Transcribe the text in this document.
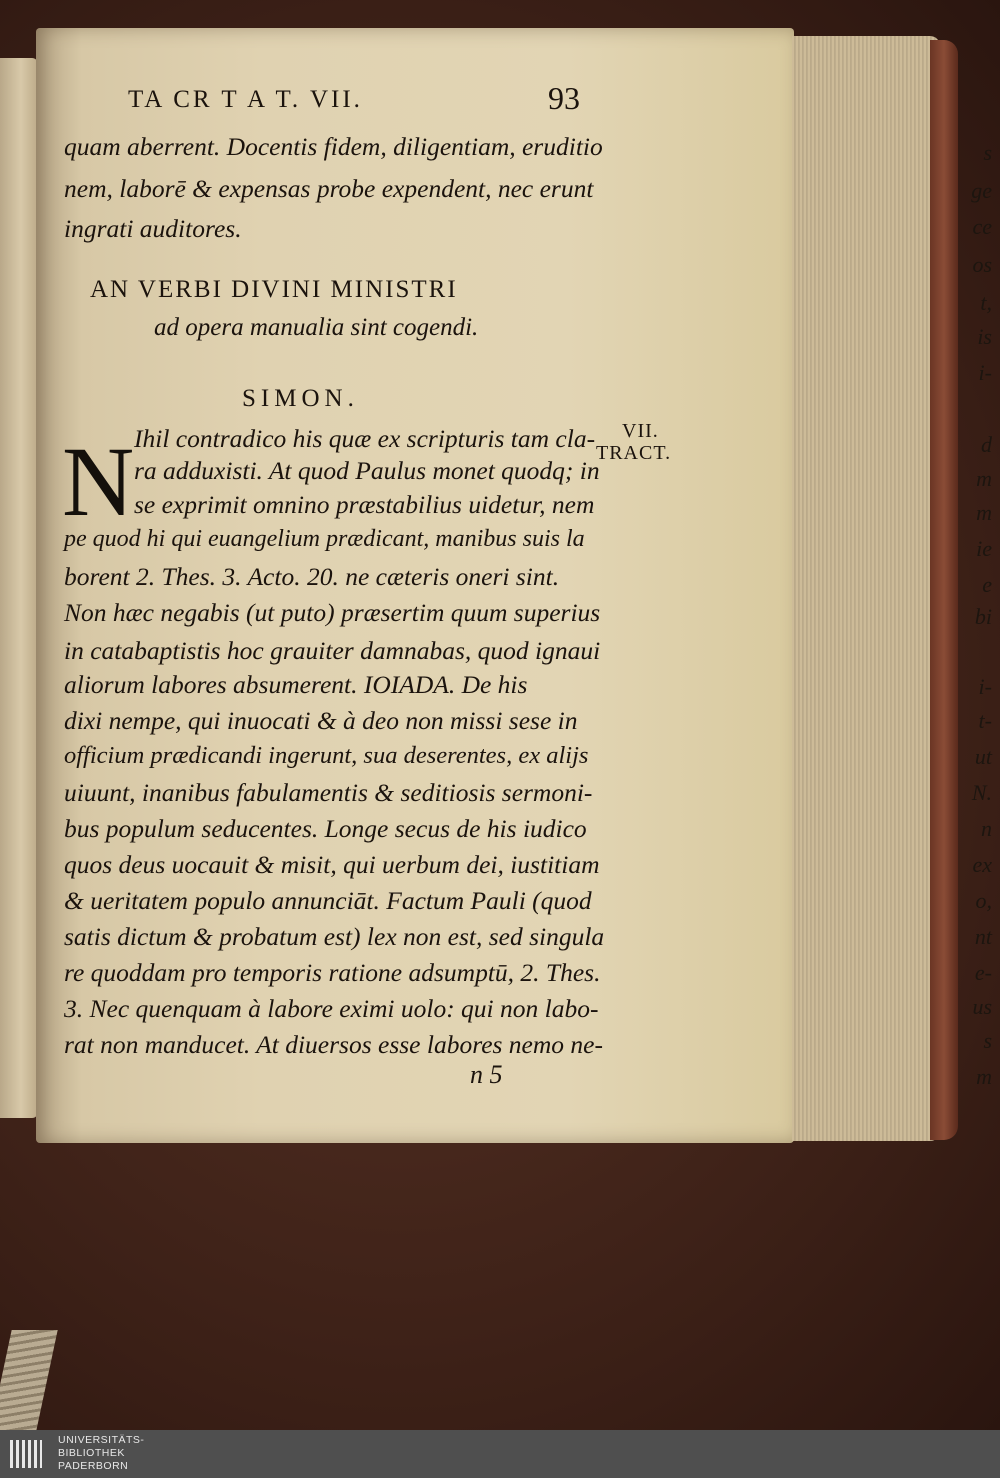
TA CR T A T. VII.	93
quam aberrent. Docentis fidem, diligentiam, eruditio
nem, laborē & expensas probe expendent, nec erunt
ingrati auditores.
AN VERBI DIVINI MINISTRI
ad opera manualia sint cogendi.
SIMON.
N Ihil contradico his quæ ex scripturis tam cla-
ra adduxisti. At quod Paulus monet quodq; in
se exprimit omnino præstabilius uidetur, nem
pe quod hi qui euangelium prædicant, manibus suis la
borent 2. Thes. 3. Acto. 20. ne cæteris oneri sint.
Non hæc negabis (ut puto) præsertim quum superius
in catabaptistis hoc grauiter damnabas, quod ignaui
aliorum labores absumerent. IOIADA. De his
dixi nempe, qui inuocati & à deo non missi sese in
officium prædicandi ingerunt, sua deserentes, ex alijs
uiuunt, inanibus fabulamentis & seditiosis sermoni-
bus populum seducentes. Longe secus de his iudico
quos deus uocauit & misit, qui uerbum dei, iustitiam
& ueritatem populo annunciāt. Factum Pauli (quod
satis dictum & probatum est) lex non est, sed singula
re quoddam pro temporis ratione adsumptū, 2. Thes.
3. Nec quenquam à labore eximi uolo: qui non labo-
rat non manducet. At diuersos esse labores nemo ne-
VII.
TRACT.
n 5
s
ge
ce
os
t,
is
i-
d
m
m
ie
e
bi
i-
t-
ut
N.
n
ex
o,
nt
e-
us
s
m
UNIVERSITÄTS-
BIBLIOTHEK
PADERBORN
